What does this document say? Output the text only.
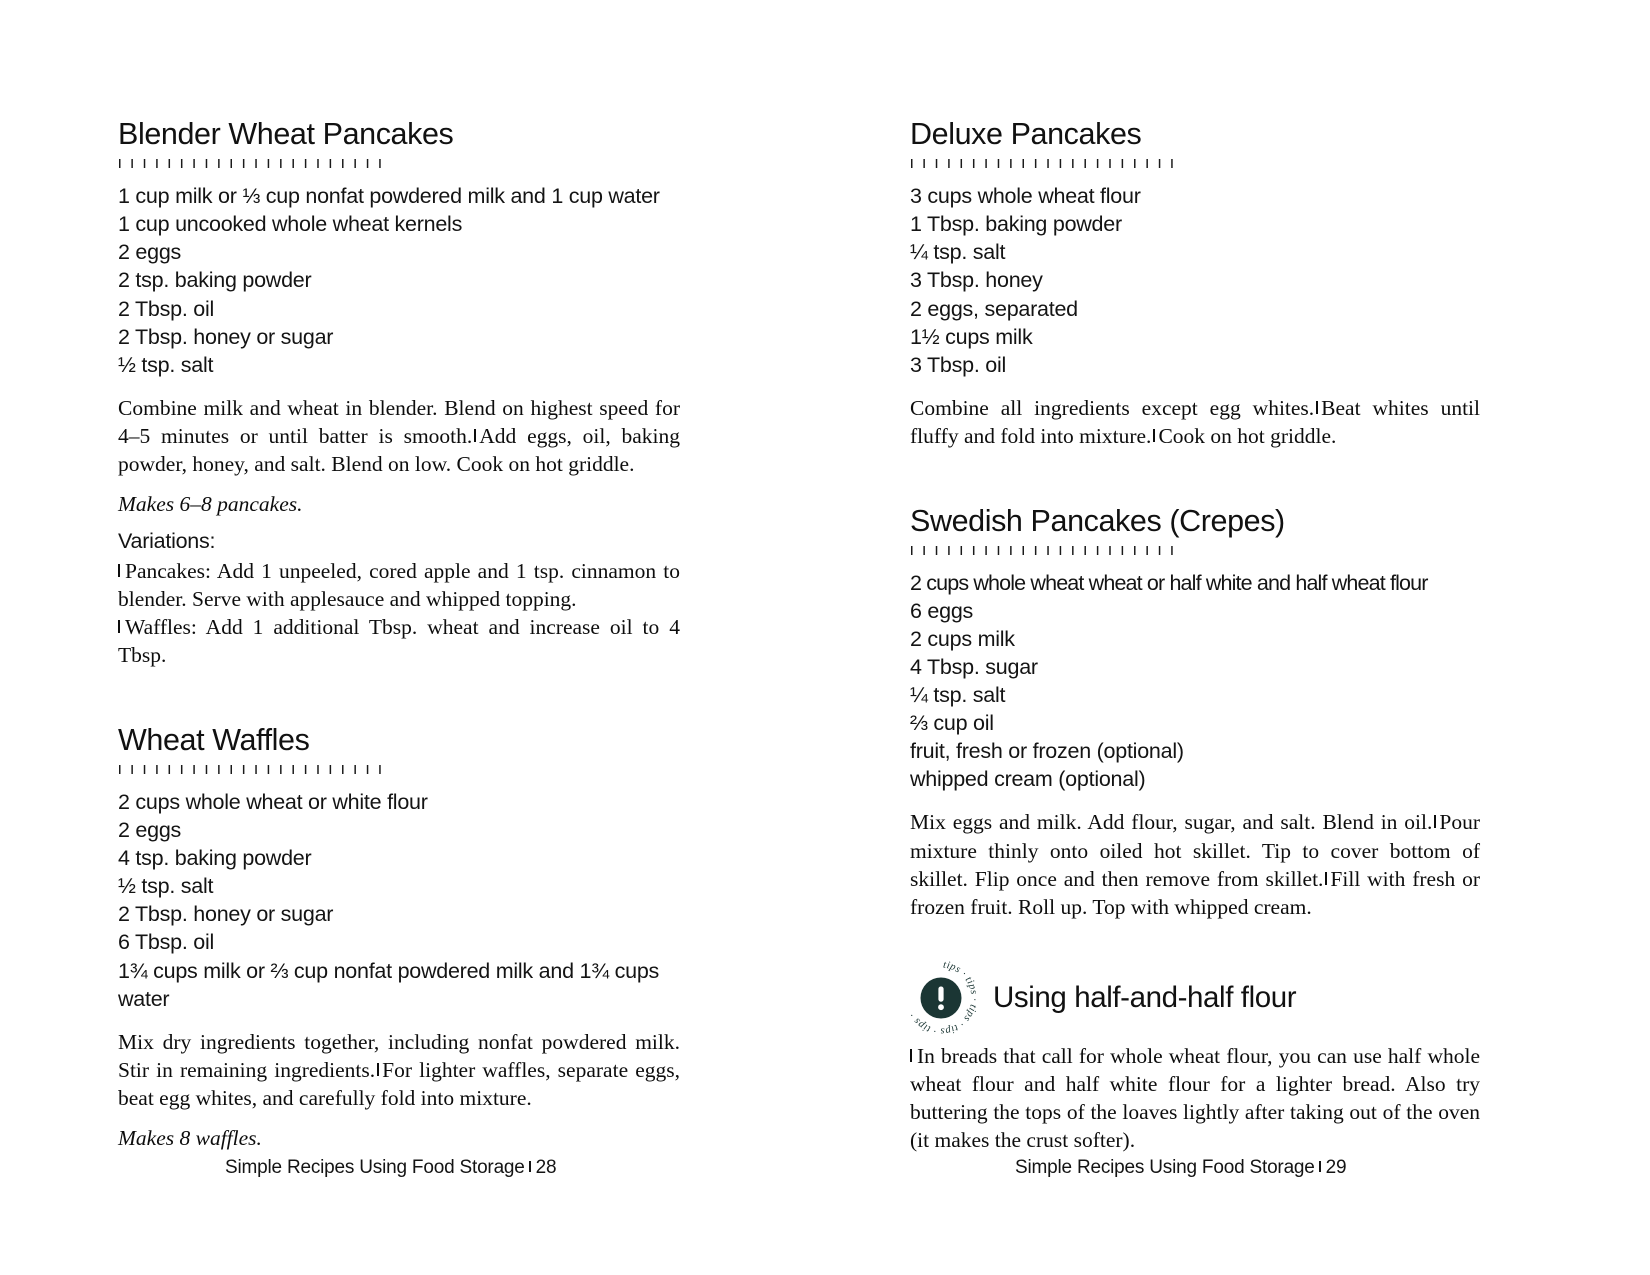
Blender Wheat Pancakes
1 cup milk or ⅓ cup nonfat powdered milk and 1 cup water
1 cup uncooked whole wheat kernels
2 eggs
2 tsp. baking powder
2 Tbsp. oil
2 Tbsp. honey or sugar
½ tsp. salt

Combine milk and wheat in blender. Blend on highest speed for 4–5 minutes or until batter is smooth. Add eggs, oil, baking powder, honey, and salt. Blend on low. Cook on hot griddle.

Makes 6–8 pancakes.

Variations:

Pancakes: Add 1 unpeeled, cored apple and 1 tsp. cinnamon to blender. Serve with applesauce and whipped topping.

Waffles: Add 1 additional Tbsp. wheat and increase oil to 4 Tbsp.

Wheat Waffles
2 cups whole wheat or white flour
2 eggs
4 tsp. baking powder
½ tsp. salt
2 Tbsp. honey or sugar
6 Tbsp. oil
1¾ cups milk or ⅔ cup nonfat powdered milk and 1¾ cups water

Mix dry ingredients together, including nonfat powdered milk. Stir in remaining ingredients. For lighter waffles, separate eggs, beat egg whites, and carefully fold into mixture.

Makes 8 waffles.

Simple Recipes Using Food Storage 28
Deluxe Pancakes
3 cups whole wheat flour
1 Tbsp. baking powder
¼ tsp. salt
3 Tbsp. honey
2 eggs, separated
1½ cups milk
3 Tbsp. oil

Combine all ingredients except egg whites. Beat whites until fluffy and fold into mixture. Cook on hot griddle.

Swedish Pancakes (Crepes)
2 cups whole wheat wheat or half white and half wheat flour
6 eggs
2 cups milk
4 Tbsp. sugar
¼ tsp. salt
⅔ cup oil
fruit, fresh or frozen (optional)
whipped cream (optional)

Mix eggs and milk. Add flour, sugar, and salt. Blend in oil. Pour mixture thinly onto oiled hot skillet. Tip to cover bottom of skillet. Flip once and then remove from skillet. Fill with fresh or frozen fruit. Roll up. Top with whipped cream.

tips · tips · tips · tips · tips ·
Using half-and-half flour

In breads that call for whole wheat flour, you can use half whole wheat flour and half white flour for a lighter bread. Also try buttering the tops of the loaves lightly after taking out of the oven (it makes the crust softer).

Simple Recipes Using Food Storage 29
